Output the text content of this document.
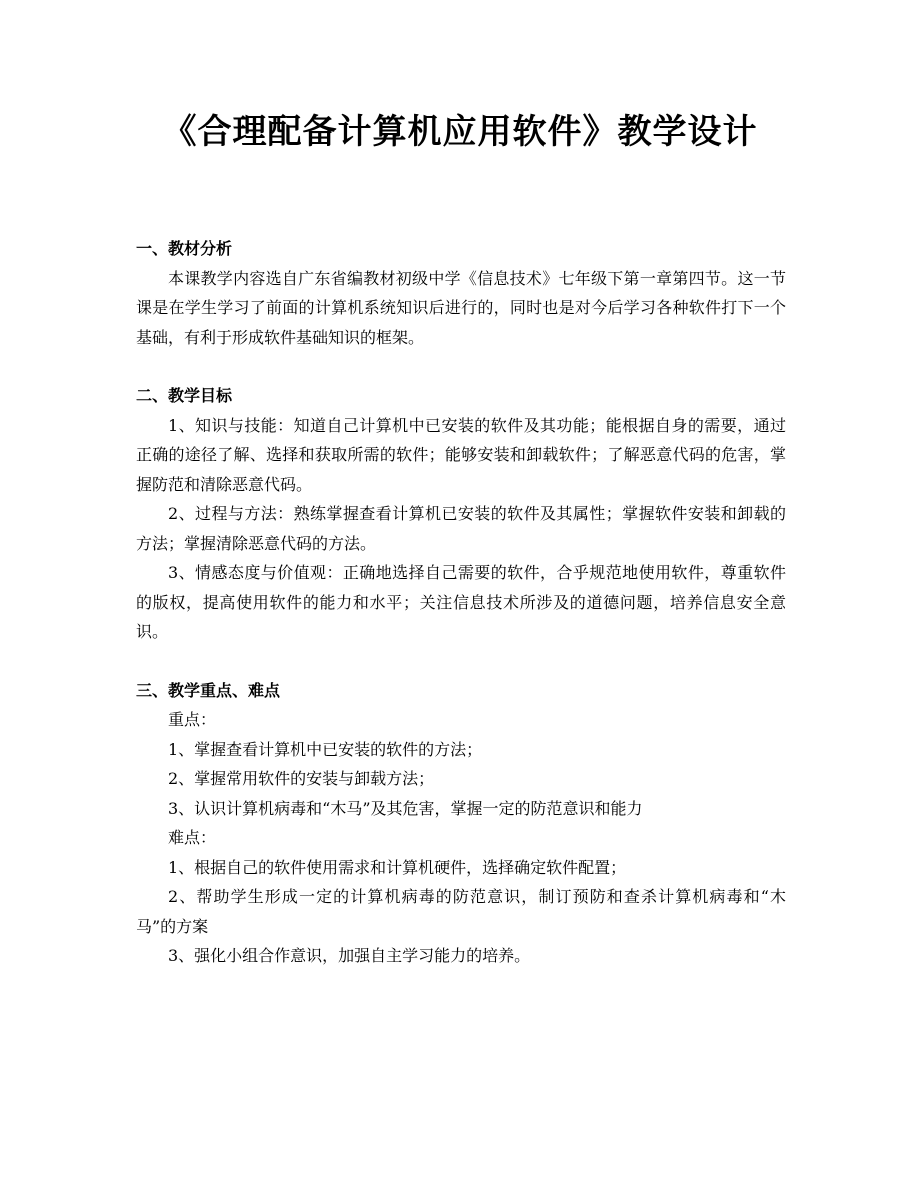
《合理配备计算机应用软件》教学设计

一、教材分析

本课教学内容选自广东省编教材初级中学《信息技术》七年级下第一章第四节。这一节课是在学生学习了前面的计算机系统知识后进行的，同时也是对今后学习各种软件打下一个基础，有利于形成软件基础知识的框架。

二、教学目标

1、知识与技能：知道自己计算机中已安装的软件及其功能；能根据自身的需要，通过正确的途径了解、选择和获取所需的软件；能够安装和卸载软件；了解恶意代码的危害，掌握防范和清除恶意代码。

2、过程与方法：熟练掌握查看计算机已安装的软件及其属性；掌握软件安装和卸载的方法；掌握清除恶意代码的方法。

3、情感态度与价值观：正确地选择自己需要的软件，合乎规范地使用软件，尊重软件的版权，提高使用软件的能力和水平；关注信息技术所涉及的道德问题，培养信息安全意识。

三、教学重点、难点

重点：

1、掌握查看计算机中已安装的软件的方法；

2、掌握常用软件的安装与卸载方法；

3、认识计算机病毒和“木马”及其危害，掌握一定的防范意识和能力

难点：

1、根据自己的软件使用需求和计算机硬件，选择确定软件配置；

2、帮助学生形成一定的计算机病毒的防范意识，制订预防和查杀计算机病毒和“木马”的方案

3、强化小组合作意识，加强自主学习能力的培养。
